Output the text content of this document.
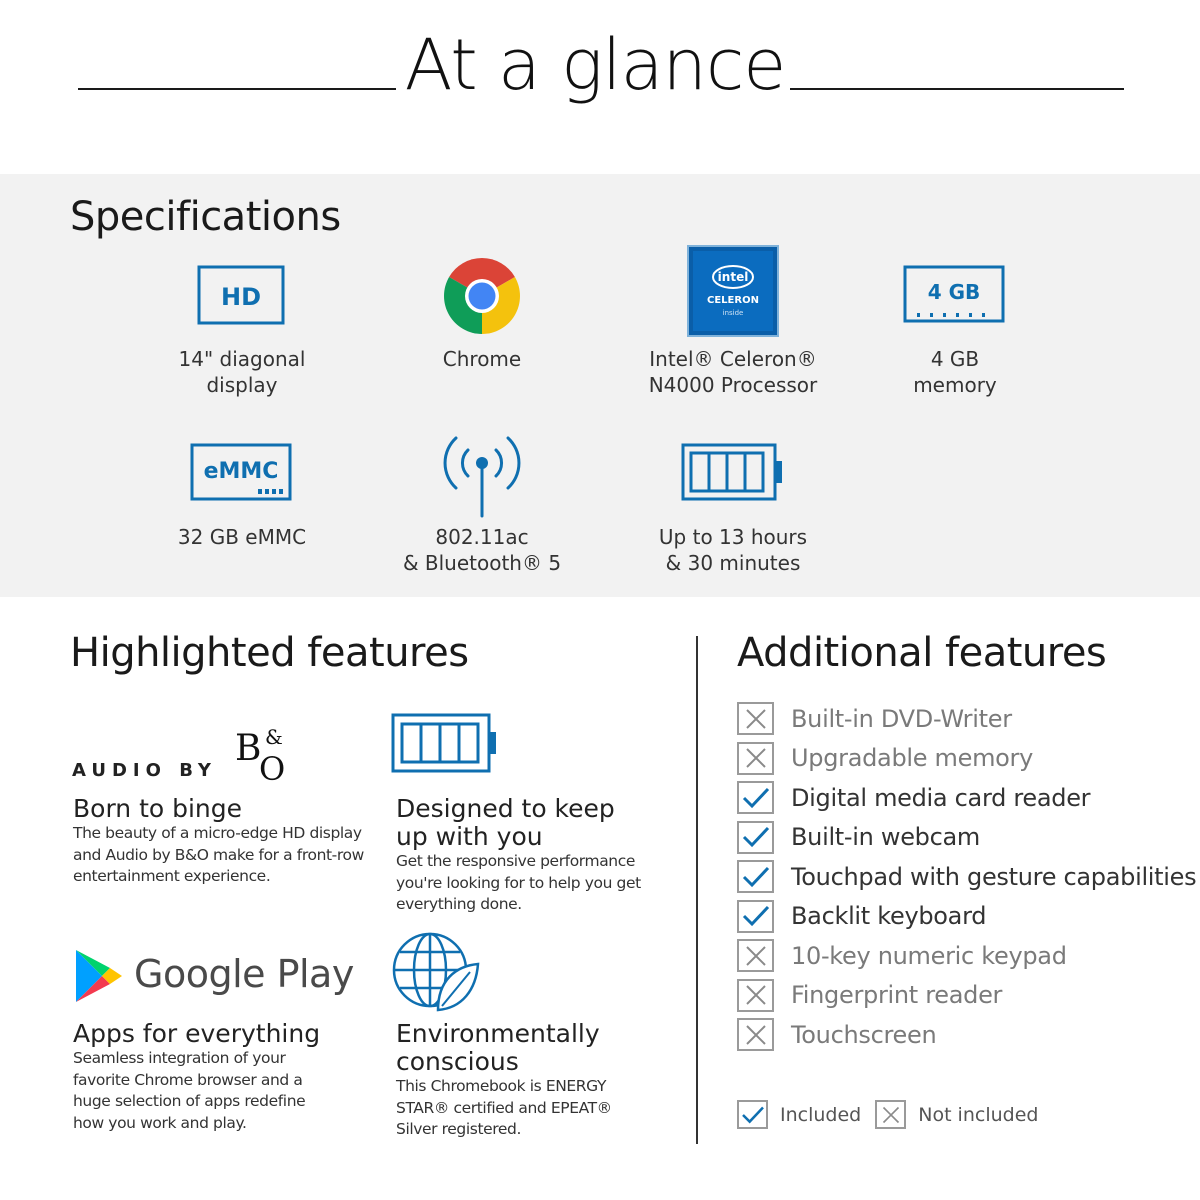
At a glance
Specifications
HD
14" diagonal
display
Chrome
intel
CELERON
inside
Intel® Celeron®
N4000 Processor
4 GB
4 GB
memory
eMMC
32 GB eMMC	802.11ac
& Bluetooth® 5
Up to 13 hours
& 30 minutes
Highlighted features
AUDIO BY
B &
O
Born to binge
The beauty of a micro-edge HD display and Audio by B&O make for a front-row entertainment experience.
Designed to keep up with you
Get the responsive performance you're looking for to help you get everything done.
Google Play
Apps for everything
Seamless integration of your favorite Chrome browser and a huge selection of apps redefine how you work and play.
Environmentally conscious
This Chromebook is ENERGY STAR® certified and EPEAT® Silver registered.
Additional features
Built-in DVD-Writer
Upgradable memory
Digital media card reader
Built-in webcam
Touchpad with gesture capabilities
Backlit keyboard
10-key numeric keypad
Fingerprint reader
Touchscreen
Included	Not included
